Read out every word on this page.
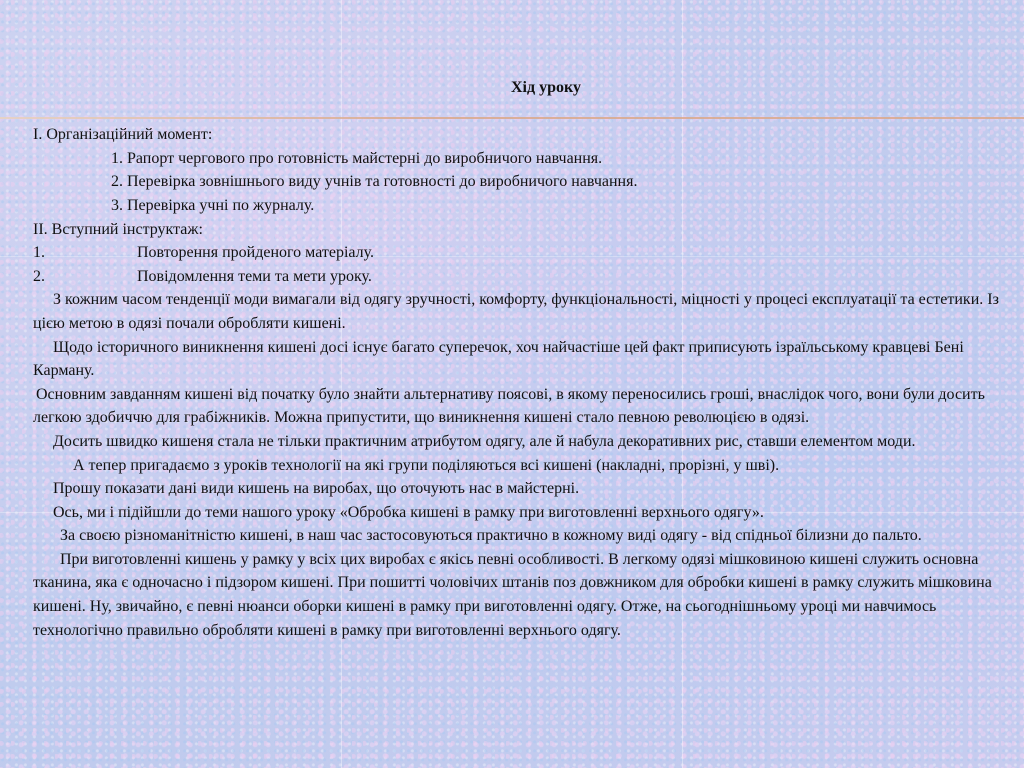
Хід уроку
I. Організаційний момент:
1. Рапорт чергового про готовність майстерні до виробничого навчання.
2. Перевірка зовнішнього виду учнів та готовності до виробничого навчання.
3. Перевірка учні по журналу.
II. Вступний інструктаж:
1.	Повторення пройденого матеріалу.
2.	Повідомлення теми та мети уроку.
З кожним часом тенденції моди вимагали від одягу зручності, комфорту, функціональності, міцності у процесі експлуатації та естетики. Із цією метою в одязі почали обробляти кишені.
Щодо історичного виникнення кишені досі існує багато суперечок, хоч найчастіше цей факт приписують ізраїльському кравцеві Бені Карману.
Основним завданням кишені від початку було знайти альтернативу поясові, в якому переносились гроші, внаслідок чого, вони були досить легкою здобиччю для грабіжників. Можна припустити, що виникнення кишені стало певною революцією в одязі.
Досить швидко кишеня стала не тільки практичним атрибутом одягу, але й набула декоративних рис, ставши елементом моди.
А тепер пригадаємо з уроків технології на які групи поділяються всі кишені (накладні, прорізні, у шві).
Прошу показати дані види кишень на виробах, що оточують нас в майстерні.
Ось, ми і підійшли до теми нашого уроку «Обробка кишені в рамку при виготовленні верхнього одягу».
За своєю різноманітністю кишені, в наш час застосовуються практично в кожному виді одягу - від спідньої білизни до пальто.
При виготовленні кишень у рамку у всіх цих виробах є якісь певні особливості. В легкому одязі мішковиною кишені служить основна тканина, яка є одночасно і підзором кишені. При пошитті чоловічих штанів поз довжником для обробки кишені в рамку служить мішковина кишені. Ну, звичайно, є певні нюанси оборки кишені в рамку при виготовленні одягу. Отже, на сьогоднішньому уроці ми навчимось технологічно правильно обробляти кишені в рамку при виготовленні верхнього одягу.
